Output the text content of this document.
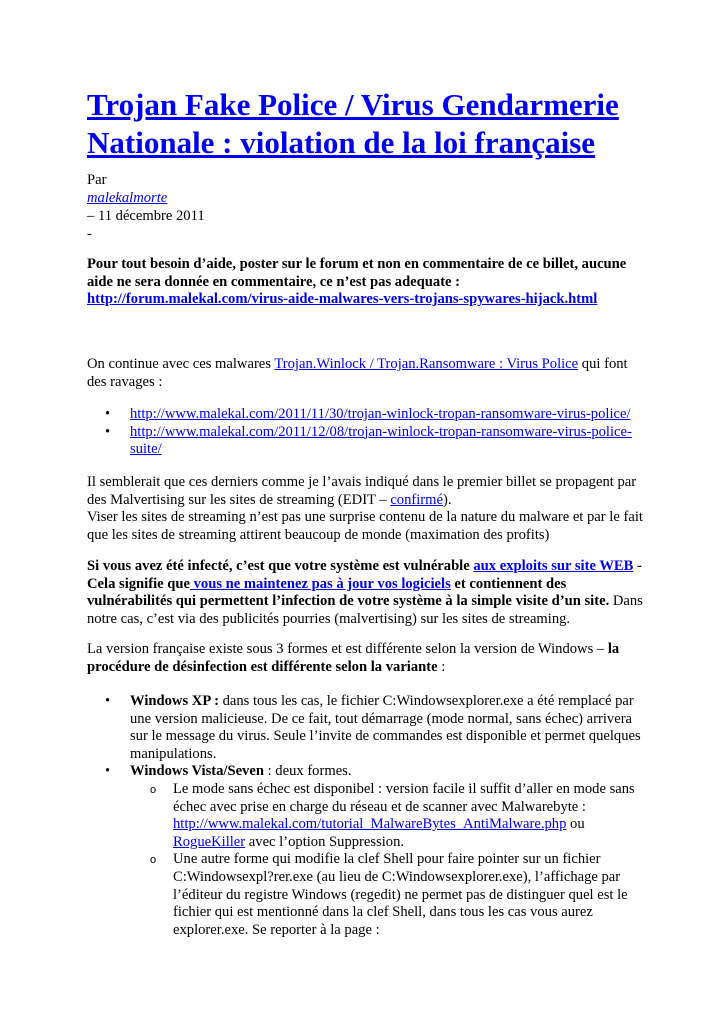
Trojan Fake Police / Virus Gendarmerie Nationale : violation de la loi française
Par
malekalmorte
– 11 décembre 2011
-

Pour tout besoin d’aide, poster sur le forum et non en commentaire de ce billet, aucune aide ne sera donnée en commentaire, ce n’est pas adequate :
http://forum.malekal.com/virus-aide-malwares-vers-trojans-spywares-hijack.html

On continue avec ces malwares Trojan.Winlock / Trojan.Ransomware : Virus Police qui font des ravages :

• http://www.malekal.com/2011/11/30/trojan-winlock-tropan-ransomware-virus-police/
• http://www.malekal.com/2011/12/08/trojan-winlock-tropan-ransomware-virus-police-suite/

Il semblerait que ces derniers comme je l’avais indiqué dans le premier billet se propagent par des Malvertising sur les sites de streaming (EDIT – confirmé).
Viser les sites de streaming n’est pas une surprise contenu de la nature du malware et par le fait que les sites de streaming attirent beaucoup de monde (maximation des profits)

Si vous avez été infecté, c’est que votre système est vulnérable aux exploits sur site WEB - Cela signifie que vous ne maintenez pas à jour vos logiciels et contiennent des vulnérabilités qui permettent l’infection de votre système à la simple visite d’un site. Dans notre cas, c’est via des publicités pourries (malvertising) sur les sites de streaming.

La version française existe sous 3 formes et est différente selon la version de Windows – la procédure de désinfection est différente selon la variante :

• Windows XP : dans tous les cas, le fichier C:Windowsexplorer.exe a été remplacé par une version malicieuse. De ce fait, tout démarrage (mode normal, sans échec) arrivera sur le message du virus. Seule l’invite de commandes est disponible et permet quelques manipulations.
• Windows Vista/Seven : deux formes.
o Le mode sans échec est disponibel : version facile il suffit d’aller en mode sans échec avec prise en charge du réseau et de scanner avec Malwarebyte : http://www.malekal.com/tutorial_MalwareBytes_AntiMalware.php ou RogueKiller avec l’option Suppression.
o Une autre forme qui modifie la clef Shell pour faire pointer sur un fichier C:Windowsexpl?rer.exe (au lieu de C:Windowsexplorer.exe), l’affichage par l’éditeur du registre Windows (regedit) ne permet pas de distinguer quel est le fichier qui est mentionné dans la clef Shell, dans tous les cas vous aurez explorer.exe. Se reporter à la page :
